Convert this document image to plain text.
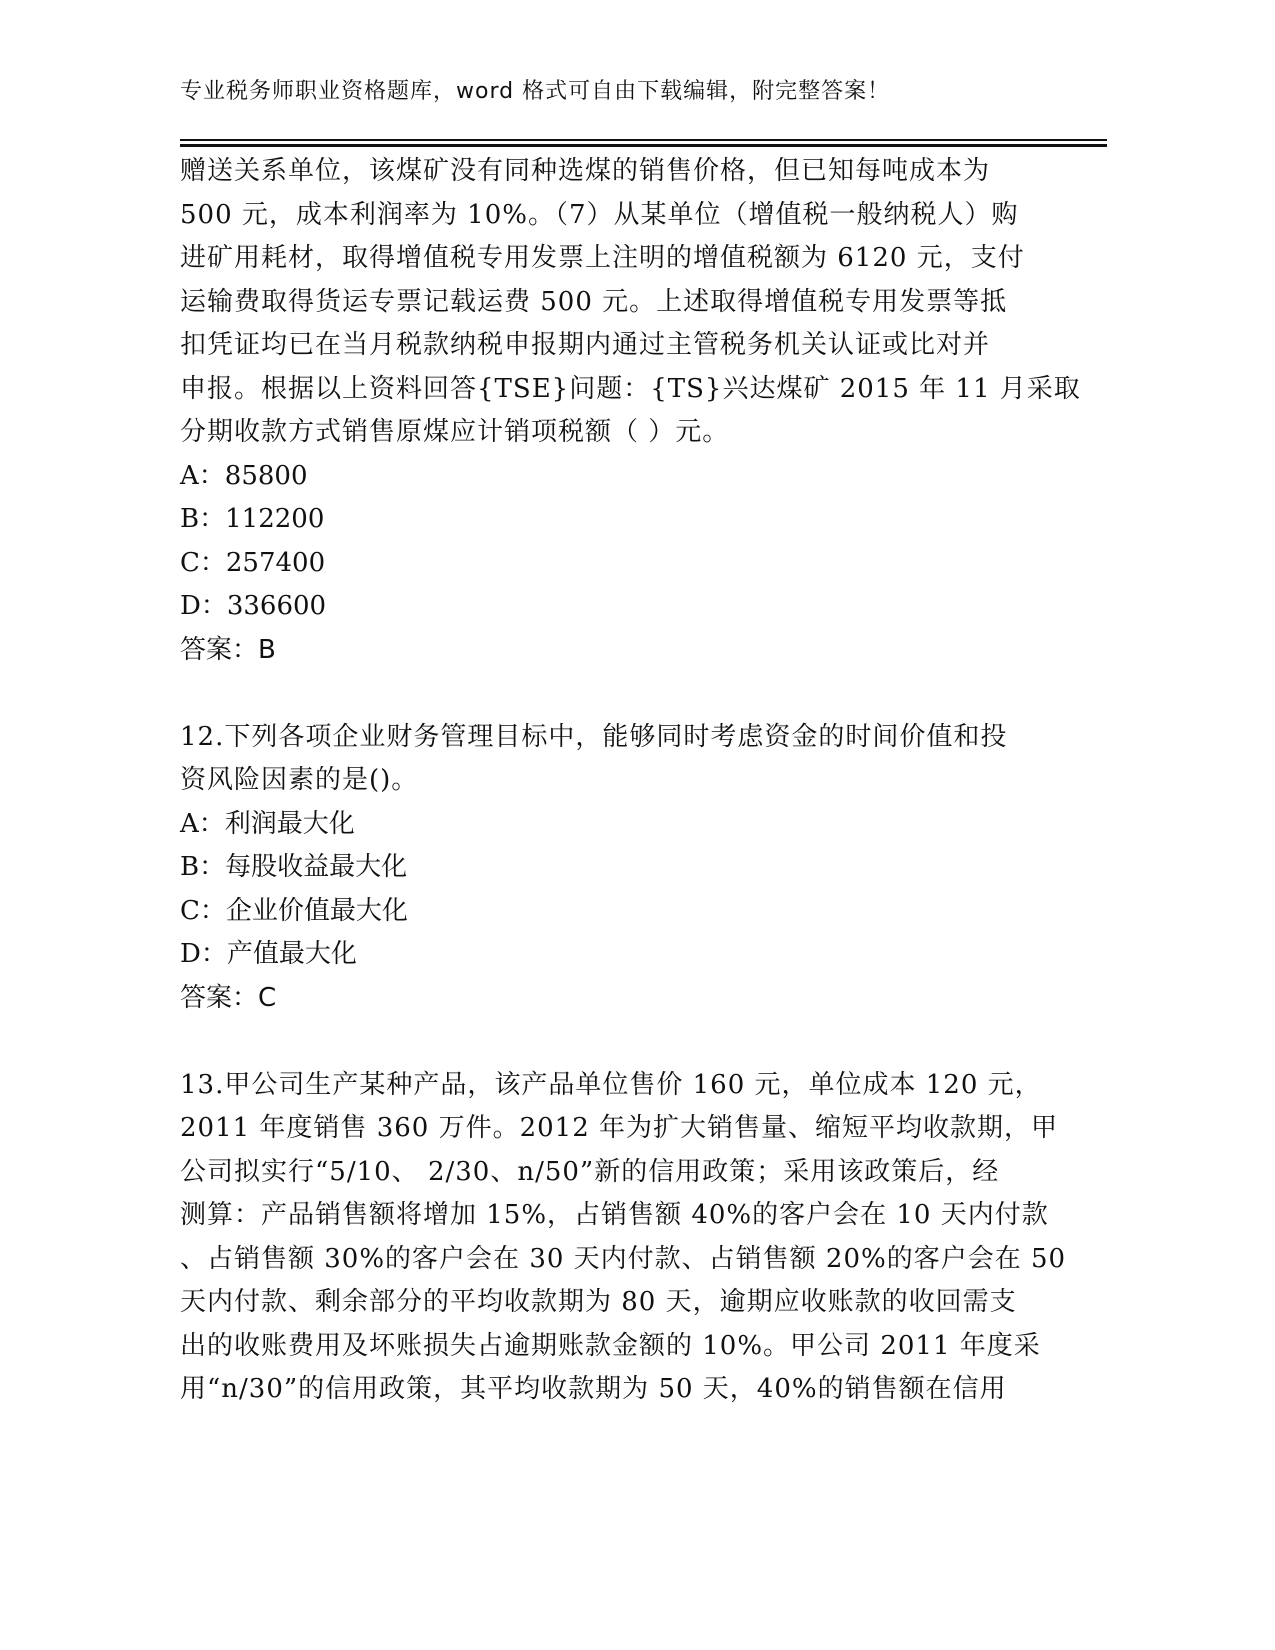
专业税务师职业资格题库，word 格式可自由下载编辑，附完整答案！
赠送关系单位，该煤矿没有同种选煤的销售价格，但已知每吨成本为
500 元，成本利润率为 10%。（7）从某单位（增值税一般纳税人）购
进矿用耗材，取得增值税专用发票上注明的增值税额为 6120 元，支付
运输费取得货运专票记载运费 500 元。上述取得增值税专用发票等抵
扣凭证均已在当月税款纳税申报期内通过主管税务机关认证或比对并
申报。根据以上资料回答{TSE}问题：{TS}兴达煤矿 2015 年 11 月采取
分期收款方式销售原煤应计销项税额（ ）元。
A：85800
B：112200
C：257400
D：336600
答案：B
12.下列各项企业财务管理目标中，能够同时考虑资金的时间价值和投
资风险因素的是()。
A：利润最大化
B：每股收益最大化
C：企业价值最大化
D：产值最大化
答案：C
13.甲公司生产某种产品，该产品单位售价 160 元，单位成本 120 元，
2011 年度销售 360 万件。2012 年为扩大销售量、缩短平均收款期，甲
公司拟实行“5/10、 2/30、n/50”新的信用政策；采用该政策后，经
测算：产品销售额将增加 15%，占销售额 40%的客户会在 10 天内付款
、占销售额 30%的客户会在 30 天内付款、占销售额 20%的客户会在 50
天内付款、剩余部分的平均收款期为 80 天，逾期应收账款的收回需支
出的收账费用及坏账损失占逾期账款金额的 10%。甲公司 2011 年度采
用“n/30”的信用政策，其平均收款期为 50 天，40%的销售额在信用
